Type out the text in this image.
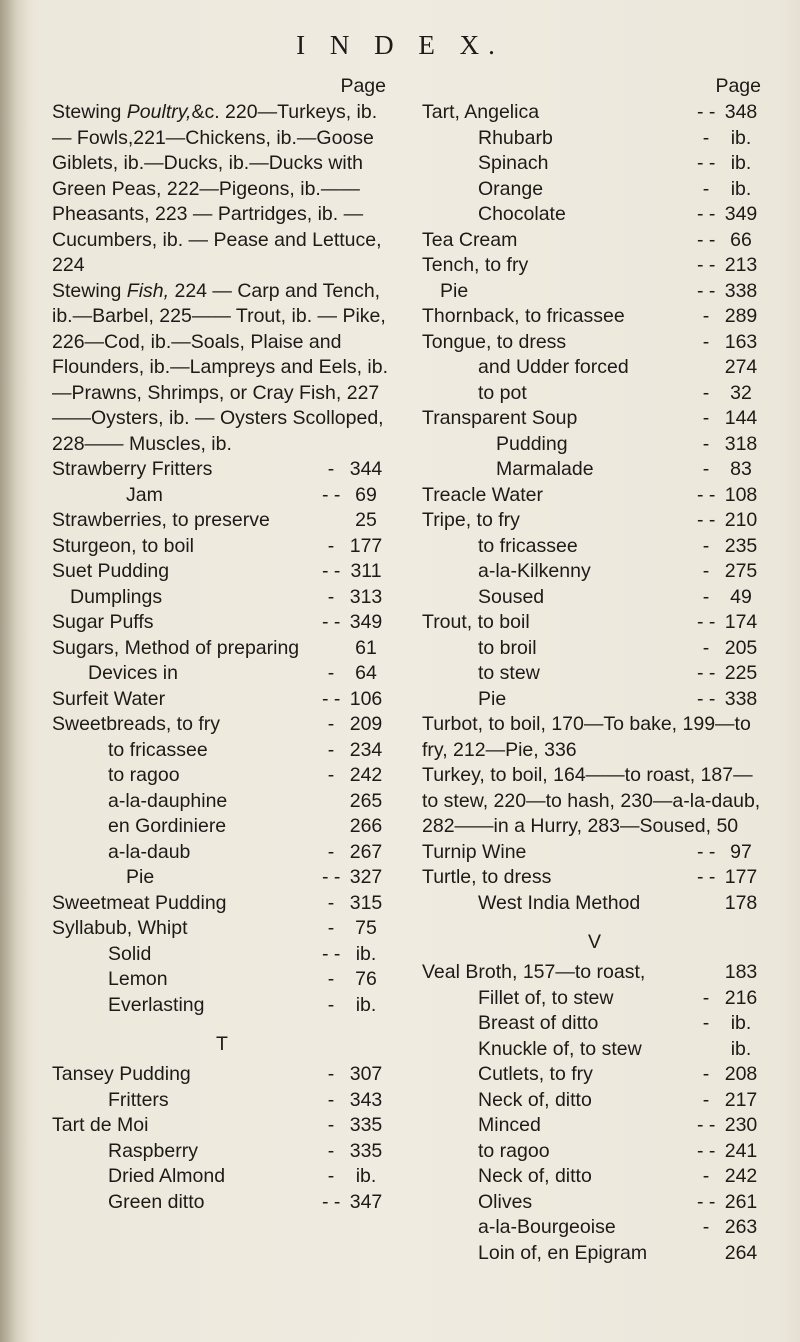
I N D E X.
Page
Stewing Poultry,&c. 220—Turkeys, ib.— Fowls,221—Chickens, ib.—Goose Giblets, ib.—Ducks, ib.—Ducks with Green Peas, 222—Pigeons, ib.——Pheasants, 223 — Partridges, ib. — Cucumbers, ib. — Pease and Lettuce, 224
Stewing Fish, 224 — Carp and Tench, ib.—Barbel, 225—— Trout, ib. — Pike, 226—Cod, ib.—Soals, Plaise and Flounders, ib.—Lampreys and Eels, ib.—Prawns, Shrimps, or Cray Fish, 227——Oysters, ib. — Oysters Scolloped, 228—— Muscles, ib.
Strawberry Fritters	- 344
Jam	- - 69
Strawberries, to preserve	25
Sturgeon, to boil	- 177
Suet Pudding	- - 311
Dumplings	- 313
Sugar Puffs	- - 349
Sugars, Method of preparing	61
Devices in	-	64
Surfeit Water	- - 106
Sweetbreads, to fry	- 209
to fricassee	- 234
to ragoo	- 242
a-la-dauphine	265
en Gordiniere	266
a-la-daub	- 267
Pie	- - 327
Sweetmeat Pudding	- 315
Syllabub, Whipt	-	75
Solid	- - ib.
Lemon	-	76
Everlasting	-	ib.
T
Tansey Pudding	- 307
Fritters	- 343
Tart de Moi	- 335
Raspberry	- 335
Dried Almond	-	ib.
Green ditto	- - 347
Page
Tart, Angelica	- - 348
Rhubarb	-	ib.
Spinach	- - ib.
Orange	-	ib.
Chocolate	- - 349
Tea Cream	- - 66
Tench, to fry	- - 213
Pie	- - 338
Thornback, to fricassee	- 289
Tongue, to dress	- 163
and Udder forced	274
to pot	-	32
Transparent Soup	- 144
Pudding	- 318
Marmalade	-	83
Treacle Water	- - 108
Tripe, to fry	- - 210
to fricassee	- 235
a-la-Kilkenny	- 275
Soused	-	49
Trout, to boil	- - 174
to broil	- 205
to stew	- - 225
Pie	- - 338
Turbot, to boil, 170—To bake, 199—to fry, 212—Pie, 336
Turkey, to boil, 164——to roast, 187—to stew, 220—to hash, 230—a-la-daub, 282——in a Hurry, 283—Soused, 50
Turnip Wine	- - 97
Turtle, to dress	- - 177
West India Method	178
V
Veal Broth, 157—to roast,	183
Fillet of, to stew	- 216
Breast of ditto	-	ib.
Knuckle of, to stew	ib.
Cutlets, to fry	- 208
Neck of, ditto	- 217
Minced	- - 230
to ragoo	- - 241
Neck of, ditto	- 242
Olives	- - 261
a-la-Bourgeoise	- 263
Loin of, en Epigram	264
